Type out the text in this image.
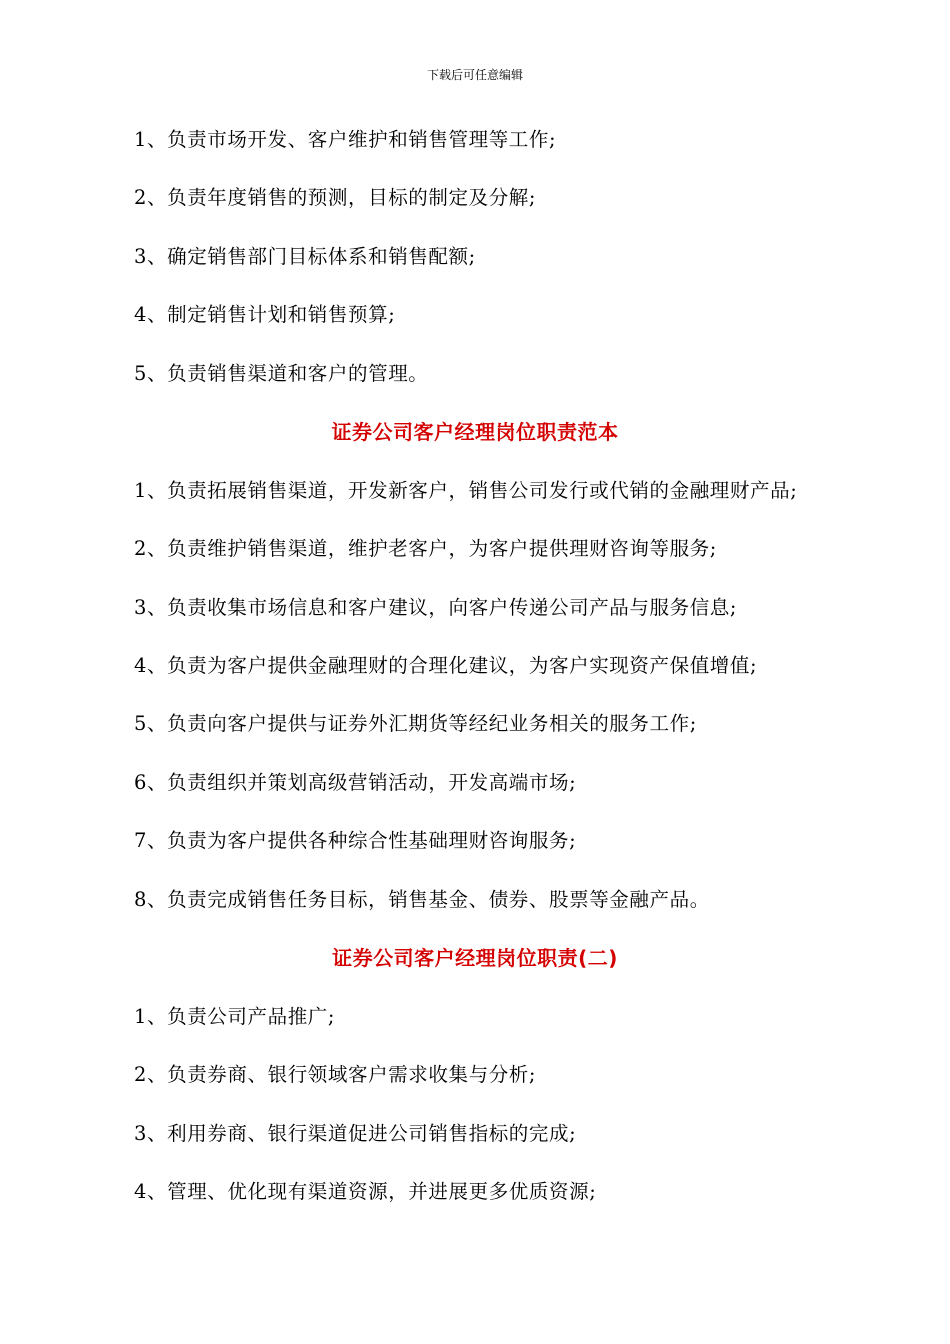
下载后可任意编辑
1、负责市场开发、客户维护和销售管理等工作;
2、负责年度销售的预测，目标的制定及分解;
3、确定销售部门目标体系和销售配额;
4、制定销售计划和销售预算;
5、负责销售渠道和客户的管理。
证券公司客户经理岗位职责范本
1、负责拓展销售渠道，开发新客户，销售公司发行或代销的金融理财产品;
2、负责维护销售渠道，维护老客户，为客户提供理财咨询等服务;
3、负责收集市场信息和客户建议，向客户传递公司产品与服务信息;
4、负责为客户提供金融理财的合理化建议，为客户实现资产保值增值;
5、负责向客户提供与证券外汇期货等经纪业务相关的服务工作;
6、负责组织并策划高级营销活动，开发高端市场;
7、负责为客户提供各种综合性基础理财咨询服务;
8、负责完成销售任务目标，销售基金、债券、股票等金融产品。
证券公司客户经理岗位职责(二)
1、负责公司产品推广;
2、负责券商、银行领域客户需求收集与分析;
3、利用券商、银行渠道促进公司销售指标的完成;
4、管理、优化现有渠道资源，并进展更多优质资源;
